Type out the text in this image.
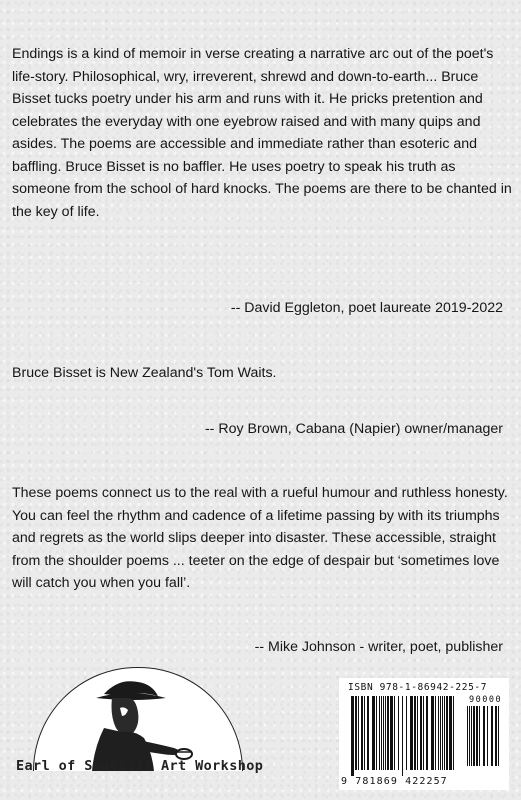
Endings is a kind of memoir in verse creating a narrative arc out of the poet's life-story. Philosophical, wry, irreverent, shrewd and down-to-earth... Bruce Bisset tucks poetry under his arm and runs with it. He pricks pretention and celebrates the everyday with one eyebrow raised and with many quips and asides. The poems are accessible and immediate rather than esoteric and baffling. Bruce Bisset is no baffler. He uses poetry to speak his truth as someone from the school of hard knocks. The poems are there to be chanted in the key of life.

-- David Eggleton, poet laureate 2019-2022

Bruce Bisset is New Zealand's Tom Waits.

-- Roy Brown, Cabana (Napier) owner/manager

These poems connect us to the real with a rueful humour and ruthless honesty. You can feel the rhythm and cadence of a lifetime passing by with its triumphs and regrets as the world slips deeper into disaster. These accessible, straight from the shoulder poems ... teeter on the edge of despair but ‘sometimes love will catch you when you fall’.

-- Mike Johnson - writer, poet, publisher

Earl of Seacliff Art Workshop

ISBN 978-1-86942-225-7

90000

9 781869 422257
